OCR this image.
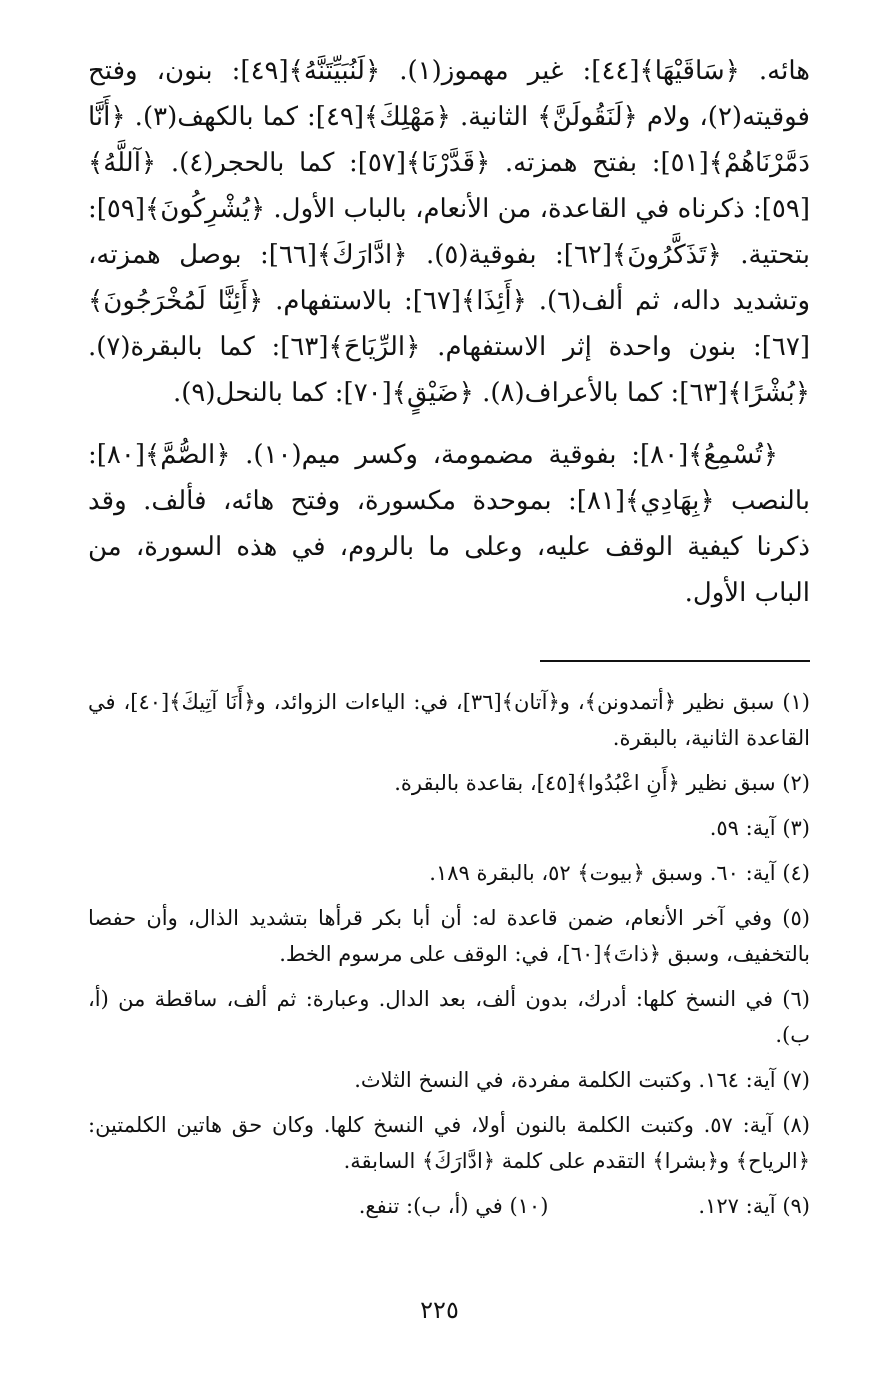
هائه. ﴿سَاقَيْهَا﴾[٤٤]: غير مهموز(١). ﴿لَنُبَيِّتَنَّهُ﴾[٤٩]: بنون، وفتح فوقيته(٢)، ولام ﴿لَنَقُولَنَّ﴾ الثانية. ﴿مَهْلِكَ﴾[٤٩]: كما بالكهف(٣). ﴿أَنَّا دَمَّرْنَاهُمْ﴾[٥١]: بفتح همزته. ﴿قَدَّرْنَا﴾[٥٧]: كما بالحجر(٤). ﴿آللَّهُ﴾[٥٩]: ذكرناه في القاعدة، من الأنعام، بالباب الأول. ﴿يُشْرِكُونَ﴾[٥٩]: بتحتية. ﴿تَذَكَّرُونَ﴾[٦٢]: بفوقية(٥). ﴿ادَّارَكَ﴾[٦٦]: بوصل همزته، وتشديد داله، ثم ألف(٦). ﴿أَئِذَا﴾[٦٧]: بالاستفهام. ﴿أَئِنَّا لَمُخْرَجُونَ﴾[٦٧]: بنون واحدة إثر الاستفهام. ﴿الرِّيَاحَ﴾[٦٣]: كما بالبقرة(٧). ﴿بُشْرًا﴾[٦٣]: كما بالأعراف(٨). ﴿ضَيْقٍ﴾[٧٠]: كما بالنحل(٩).

﴿تُسْمِعُ﴾[٨٠]: بفوقية مضمومة، وكسر ميم(١٠). ﴿الصُّمَّ﴾[٨٠]: بالنصب ﴿بِهَادِي﴾[٨١]: بموحدة مكسورة، وفتح هائه، فألف. وقد ذكرنا كيفية الوقف عليه، وعلى ما بالروم، في هذه السورة، من الباب الأول.

(١) سبق نظير ﴿أتمدونن﴾، و﴿آتان﴾[٣٦]، في: الياءات الزوائد، و﴿أَنَا آتِيكَ﴾[٤٠]، في القاعدة الثانية، بالبقرة.

(٢) سبق نظير ﴿أَنِ اعْبُدُوا﴾[٤٥]، بقاعدة بالبقرة.

(٣) آية: ٥٩.

(٤) آية: ٦٠. وسبق ﴿بيوت﴾ ٥٢، بالبقرة ١٨٩.

(٥) وفي آخر الأنعام، ضمن قاعدة له: أن أبا بكر قرأها بتشديد الذال، وأن حفصا بالتخفيف، وسبق ﴿ذاتَ﴾[٦٠]، في: الوقف على مرسوم الخط.

(٦) في النسخ كلها: أدرك، بدون ألف، بعد الدال. وعبارة: ثم ألف، ساقطة من (أ، ب).

(٧) آية: ١٦٤. وكتبت الكلمة مفردة، في النسخ الثلاث.

(٨) آية: ٥٧. وكتبت الكلمة بالنون أولا، في النسخ كلها. وكان حق هاتين الكلمتين: ﴿الرياح﴾ و﴿بشرا﴾ التقدم على كلمة ﴿ادَّارَكَ﴾ السابقة.

(٩) آية: ١٢٧.
(١٠) في (أ، ب): تنفع.
٢٢٥
